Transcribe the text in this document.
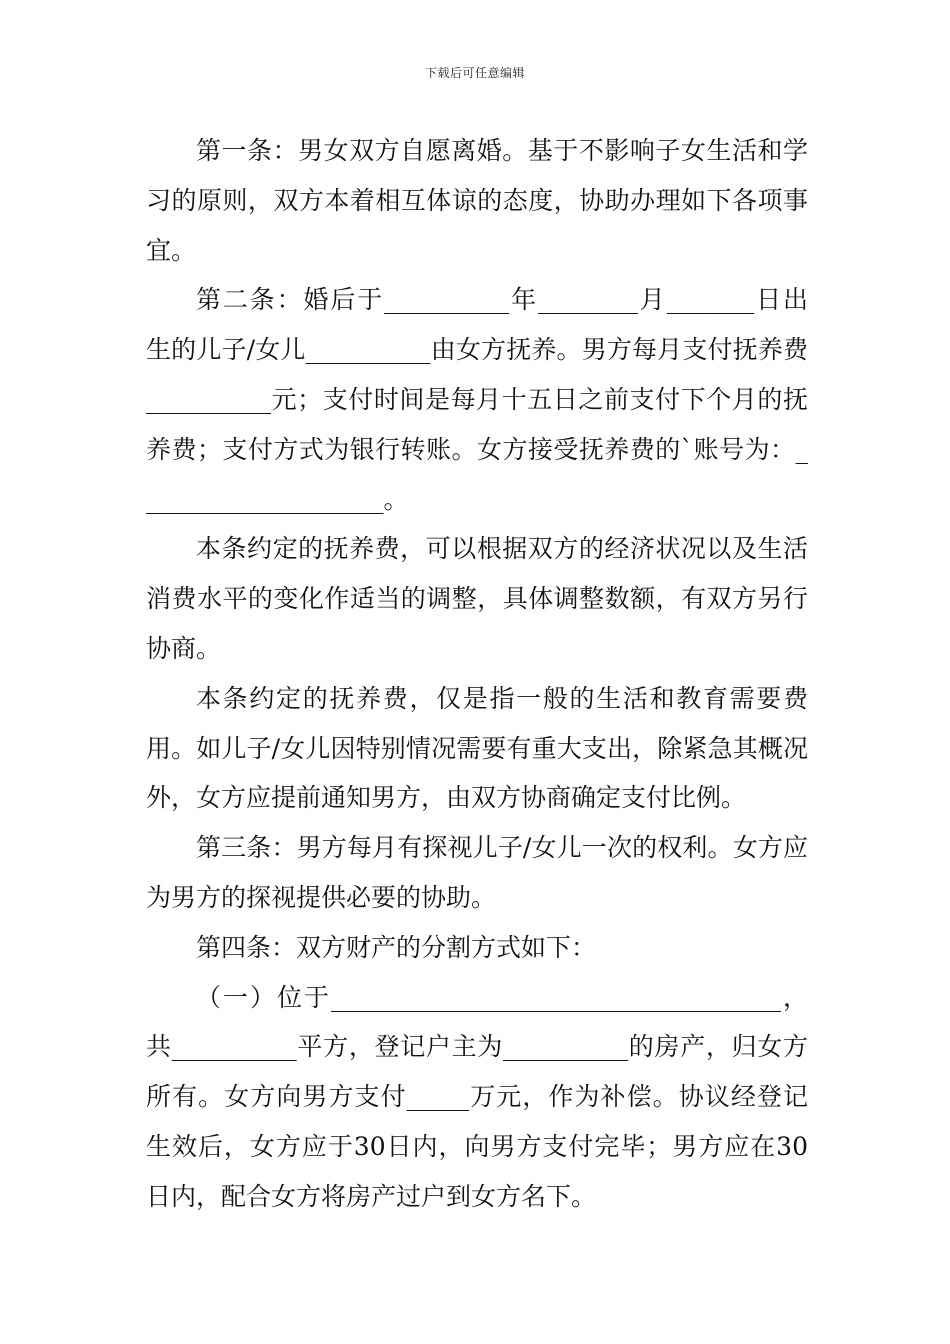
下载后可任意编辑

第一条：男女双方自愿离婚。基于不影响子女生活和学习的原则，双方本着相互体谅的态度，协助办理如下各项事宜。

第二条：婚后于__________年________月_______日出生的儿子/女儿__________由女方抚养。男方每月支付抚养费__________元；支付时间是每月十五日之前支付下个月的抚养费；支付方式为银行转账。女方接受抚养费的`账号为：____________________。

本条约定的抚养费，可以根据双方的经济状况以及生活消费水平的变化作适当的调整，具体调整数额，有双方另行协商。

本条约定的抚养费，仅是指一般的生活和教育需要费用。如儿子/女儿因特别情况需要有重大支出，除紧急其概况外，女方应提前通知男方，由双方协商确定支付比例。

第三条：男方每月有探视儿子/女儿一次的权利。女方应为男方的探视提供必要的协助。

第四条：双方财产的分割方式如下：

（一）位于____________________________________，共__________平方，登记户主为__________的房产，归女方所有。女方向男方支付_____万元，作为补偿。协议经登记生效后，女方应于30日内，向男方支付完毕；男方应在30日内，配合女方将房产过户到女方名下。
